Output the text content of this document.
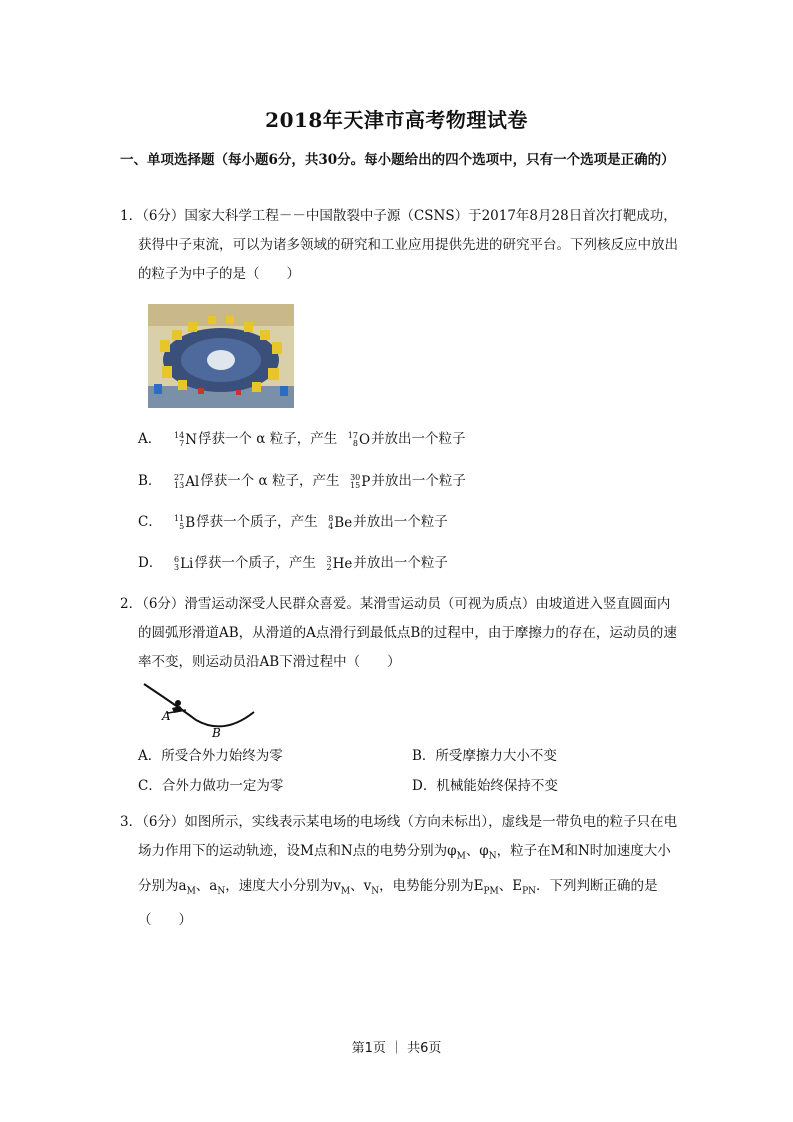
2018年天津市高考物理试卷
一、单项选择题（每小题6分，共30分。每小题给出的四个选项中，只有一个选项是正确的）
1．（6分）国家大科学工程－－中国散裂中子源（CSNS）于2017年8月28日首次打靶成功，获得中子束流，可以为诸多领域的研究和工业应用提供先进的研究平台。下列核反应中放出的粒子为中子的是（　　）
A． 14
7 N俘获一个 α 粒子，产生 17
8 O并放出一个粒子
B． 27
13 Al俘获一个 α 粒子，产生 30
15 P并放出一个粒子
C． 11
5 B俘获一个质子，产生 8
4 Be并放出一个粒子
D． 6
3 Li俘获一个质子，产生 3
2 He并放出一个粒子
2．（6分）滑雪运动深受人民群众喜爱。某滑雪运动员（可视为质点）由坡道进入竖直圆面内的圆弧形滑道AB，从滑道的A点滑行到最低点B的过程中，由于摩擦力的存在，运动员的速率不变，则运动员沿AB下滑过程中（　　）
A
B
A．所受合外力始终为零	B．所受摩擦力大小不变
C．合外力做功一定为零	D．机械能始终保持不变
3．（6分）如图所示，实线表示某电场的电场线（方向未标出），虚线是一带负电的粒子只在电场力作用下的运动轨迹，设M点和N点的电势分别为$\varphi_M$、$\varphi_N$，粒子在M和N时加速度大小分别为$a_M$、$a_N$，速度大小分别为$v_M$、$v_N$，电势能分别为$E_{PM}$、$E_{PN}$．下列判断正确的是（　　）
第1页 ｜ 共6页
